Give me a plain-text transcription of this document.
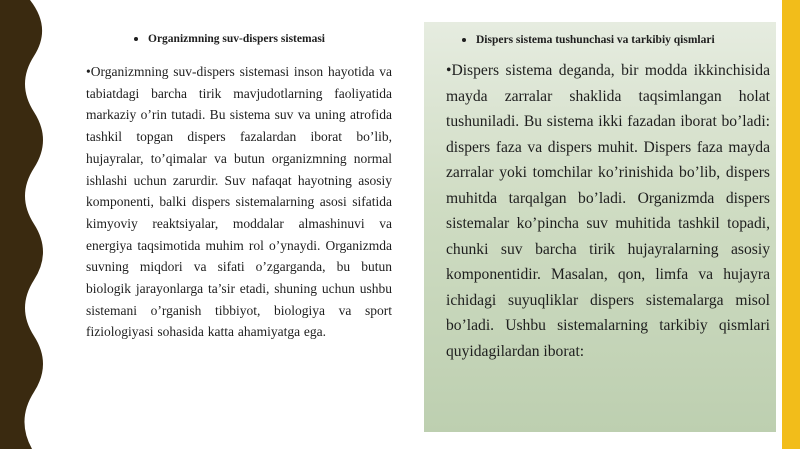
Organizmning suv-dispers sistemasi

•Organizmning suv-dispers sistemasi inson hayotida va tabiatdagi barcha tirik mavjudotlarning faoliyatida markaziy o’rin tutadi. Bu sistema suv va uning atrofida tashkil topgan dispers fazalardan iborat bo’lib, hujayralar, to’qimalar va butun organizmning normal ishlashi uchun zarurdir. Suv nafaqat hayotning asosiy komponenti, balki dispers sistemalarning asosi sifatida kimyoviy reaktsiyalar, moddalar almashinuvi va energiya taqsimotida muhim rol o’ynaydi. Organizmda suvning miqdori va sifati o’zgarganda, bu butun biologik jarayonlarga ta’sir etadi, shuning uchun ushbu sistemani o’rganish tibbiyot, biologiya va sport fiziologiyasi sohasida katta ahamiyatga ega.

Dispers sistema tushunchasi va tarkibiy qismlari

•Dispers sistema deganda, bir modda ikkinchisida mayda zarralar shaklida taqsimlangan holat tushuniladi. Bu sistema ikki fazadan iborat bo’ladi: dispers faza va dispers muhit. Dispers faza mayda zarralar yoki tomchilar ko’rinishida bo’lib, dispers muhitda tarqalgan bo’ladi. Organizmda dispers sistemalar ko’pincha suv muhitida tashkil topadi, chunki suv barcha tirik hujayralarning asosiy komponentidir. Masalan, qon, limfa va hujayra ichidagi suyuqliklar dispers sistemalarga misol bo’ladi. Ushbu sistemalarning tarkibiy qismlari quyidagilardan iborat:
